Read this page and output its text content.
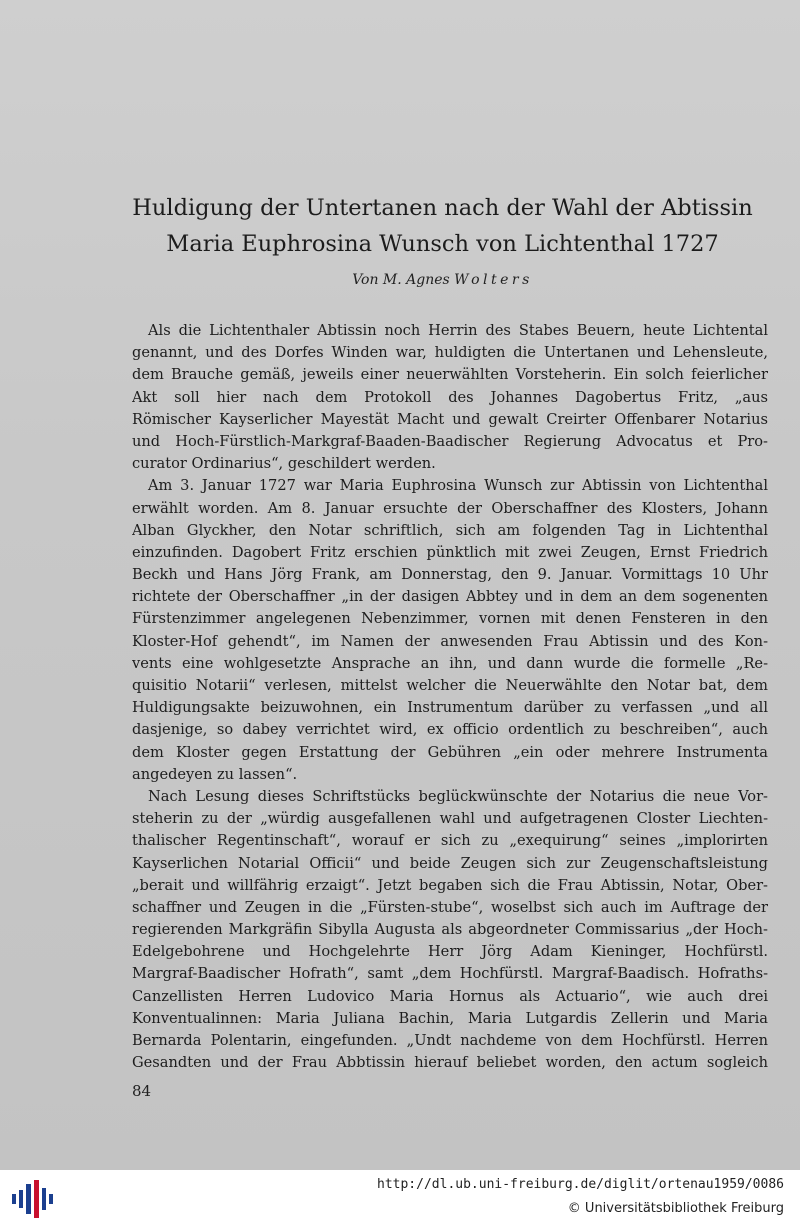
Huldigung der Untertanen nach der Wahl der Abtissin
Maria Euphrosina Wunsch von Lichtenthal 1727
Von M. Agnes Wolters
Als die Lichtenthaler Abtissin noch Herrin des Stabes Beuern, heute Lichtental
genannt, und des Dorfes Winden war, huldigten die Untertanen und Lehensleute,
dem Brauche gemäß, jeweils einer neuerwählten Vorsteherin. Ein solch feierlicher
Akt soll hier nach dem Protokoll des Johannes Dagobertus Fritz, „aus
Römischer Kayserlicher Mayestät Macht und gewalt Creirter Offenbarer Notarius
und Hoch-Fürstlich-Markgraf-Baaden-Baadischer Regierung Advocatus et Pro-
curator Ordinarius“, geschildert werden.
Am 3. Januar 1727 war Maria Euphrosina Wunsch zur Abtissin von Lichtenthal
erwählt worden. Am 8. Januar ersuchte der Oberschaffner des Klosters, Johann
Alban Glyckher, den Notar schriftlich, sich am folgenden Tag in Lichtenthal
einzufinden. Dagobert Fritz erschien pünktlich mit zwei Zeugen, Ernst Friedrich
Beckh und Hans Jörg Frank, am Donnerstag, den 9. Januar. Vormittags 10 Uhr
richtete der Oberschaffner „in der dasigen Abbtey und in dem an dem sogenenten
Fürstenzimmer angelegenen Nebenzimmer, vornen mit denen Fensteren in den
Kloster-Hof gehendt“, im Namen der anwesenden Frau Abtissin und des Kon-
vents eine wohlgesetzte Ansprache an ihn, und dann wurde die formelle „Re-
quisitio Notarii“ verlesen, mittelst welcher die Neuerwählte den Notar bat, dem
Huldigungsakte beizuwohnen, ein Instrumentum darüber zu verfassen „und all
dasjenige, so dabey verrichtet wird, ex officio ordentlich zu beschreiben“, auch
dem Kloster gegen Erstattung der Gebühren „ein oder mehrere Instrumenta
angedeyen zu lassen“.
Nach Lesung dieses Schriftstücks beglückwünschte der Notarius die neue Vor-
steherin zu der „würdig ausgefallenen wahl und aufgetragenen Closter Liechten-
thalischer Regentinschaft“, worauf er sich zu „exequirung“ seines „implorirten
Kayserlichen Notarial Officii“ und beide Zeugen sich zur Zeugenschaftsleistung
„berait und willfährig erzaigt“. Jetzt begaben sich die Frau Abtissin, Notar, Ober-
schaffner und Zeugen in die „Fürsten-stube“, woselbst sich auch im Auftrage der
regierenden Markgräfin Sibylla Augusta als abgeordneter Commissarius „der Hoch-
Edelgebohrene und Hochgelehrte Herr Jörg Adam Kieninger, Hochfürstl.
Margraf-Baadischer Hofrath“, samt „dem Hochfürstl. Margraf-Baadisch. Hofraths-
Canzellisten Herren Ludovico Maria Hornus als Actuario“, wie auch drei
Konventualinnen: Maria Juliana Bachin, Maria Lutgardis Zellerin und Maria
Bernarda Polentarin, eingefunden. „Undt nachdeme von dem Hochfürstl. Herren
Gesandten und der Frau Abbtissin hierauf beliebet worden, den actum sogleich
84
http://dl.ub.uni-freiburg.de/diglit/ortenau1959/0086
© Universitätsbibliothek Freiburg
